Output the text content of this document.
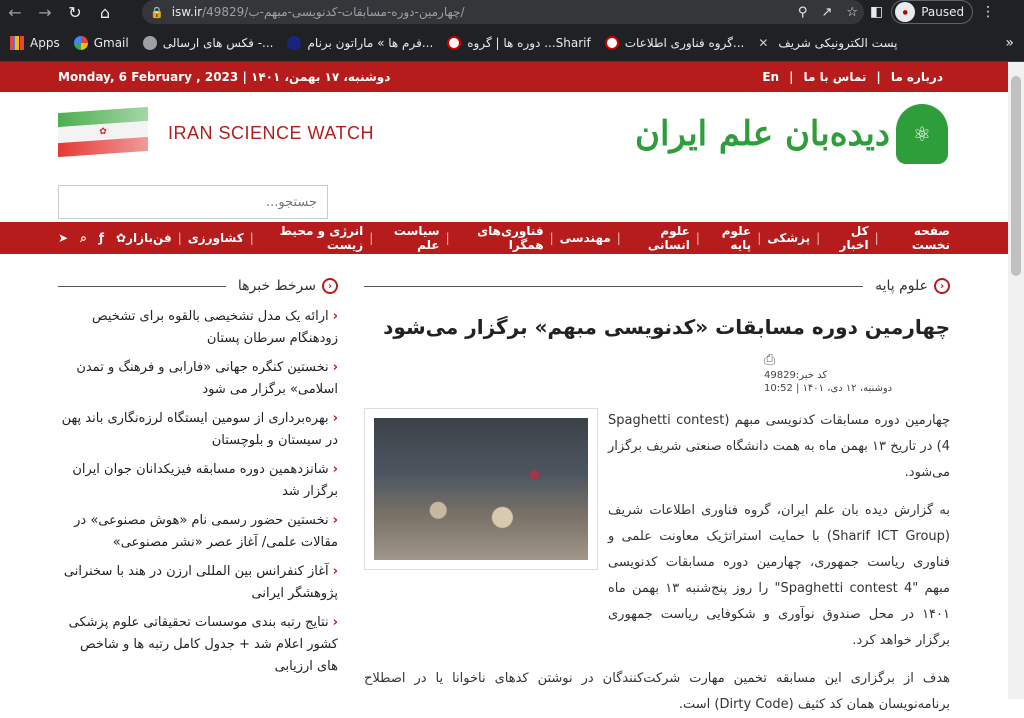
←	→	↻	⌂	🔒 isw.ir /49829/چهارمین-دوره-مسابقات-کدنویسی-مبهم-ب/	⚲ ↗ ☆ ◧	●	Paused ⋮
Apps	Gmail	فکس های ارسالی -...	فرم ها » ماراتون برنام...	دوره ها | گروه ...Sharif	گروه فناوری اطلاعات... ✕ پست الکترونیکی شریف	»
درباره ما
|
تماس با ما
|
En
دوشنبه، ۱۷ بهمن، ۱۴۰۱ | Monday, 6 February , 2023
⚛
دیده‌بان علم ایران
✿	IRAN SCIENCE WATCH
جستجو...
صفحه نخست
|
کل اخبار
|
پزشکی
|
علوم پایه
|
علوم انسانی
|
مهندسی
|
فناوری‌های همگرا
|
سیاست علم
|
انرژی و محیط زیست
|
کشاورزی
|
فن‌بازار
➤ ⌕ ƒ ✿
‹
علوم پایه
چهارمین دوره مسابقات «کدنویسی مبهم» برگزار می‌شود
⎙
کد خبر:49829
دوشنبه، ۱۲ دی، ۱۴۰۱ | 10:52

چهارمین دوره مسابقات کدنویسی مبهم (Spaghetti contest 4) در تاریخ ۱۳ بهمن ماه به همت دانشگاه صنعتی شریف برگزار می‌شود.

به گزارش دیده بان علم ایران، گروه فناوری اطلاعات شریف (Sharif ICT Group) با حمایت استراتژیک معاونت علمی و فناوری ریاست جمهوری، چهارمین دوره مسابقات کدنویسی مبهم "Spaghetti contest 4" را روز پنج‌شنبه ۱۳ بهمن ماه ۱۴۰۱ در محل صندوق نوآوری و شکوفایی ریاست جمهوری برگزار خواهد کرد.

هدف از برگزاری این مسابقه تخمین مهارت شرکت‌کنندگان در نوشتن کدهای ناخوانا یا در اصطلاح برنامه‌نویسان همان کد کثیف (Dirty Code) است.

‹
سرخط خبرها
‹ارائه یک مدل تشخیصی بالقوه برای تشخیص زودهنگام سرطان پستان
‹نخستین کنگره جهانی «فارابی و فرهنگ و تمدن اسلامی» برگزار می شود
‹بهره‌برداری از سومین ایستگاه لرزه‌نگاری باند پهن در سیستان و بلوچستان
‹شانزدهمین دوره مسابقه فیزیکدانان جوان ایران برگزار شد
‹نخستین حضور رسمی نام «هوش مصنوعی» در مقالات علمی/ آغاز عصر «نشر مصنوعی»
‹آغاز کنفرانس بین المللی ارزن در هند با سخنرانی پژوهشگر ایرانی
‹نتایج رتبه بندی موسسات تحقیقاتی علوم پزشکی کشور اعلام شد + جدول کامل رتبه ها و شاخص های ارزیابی
